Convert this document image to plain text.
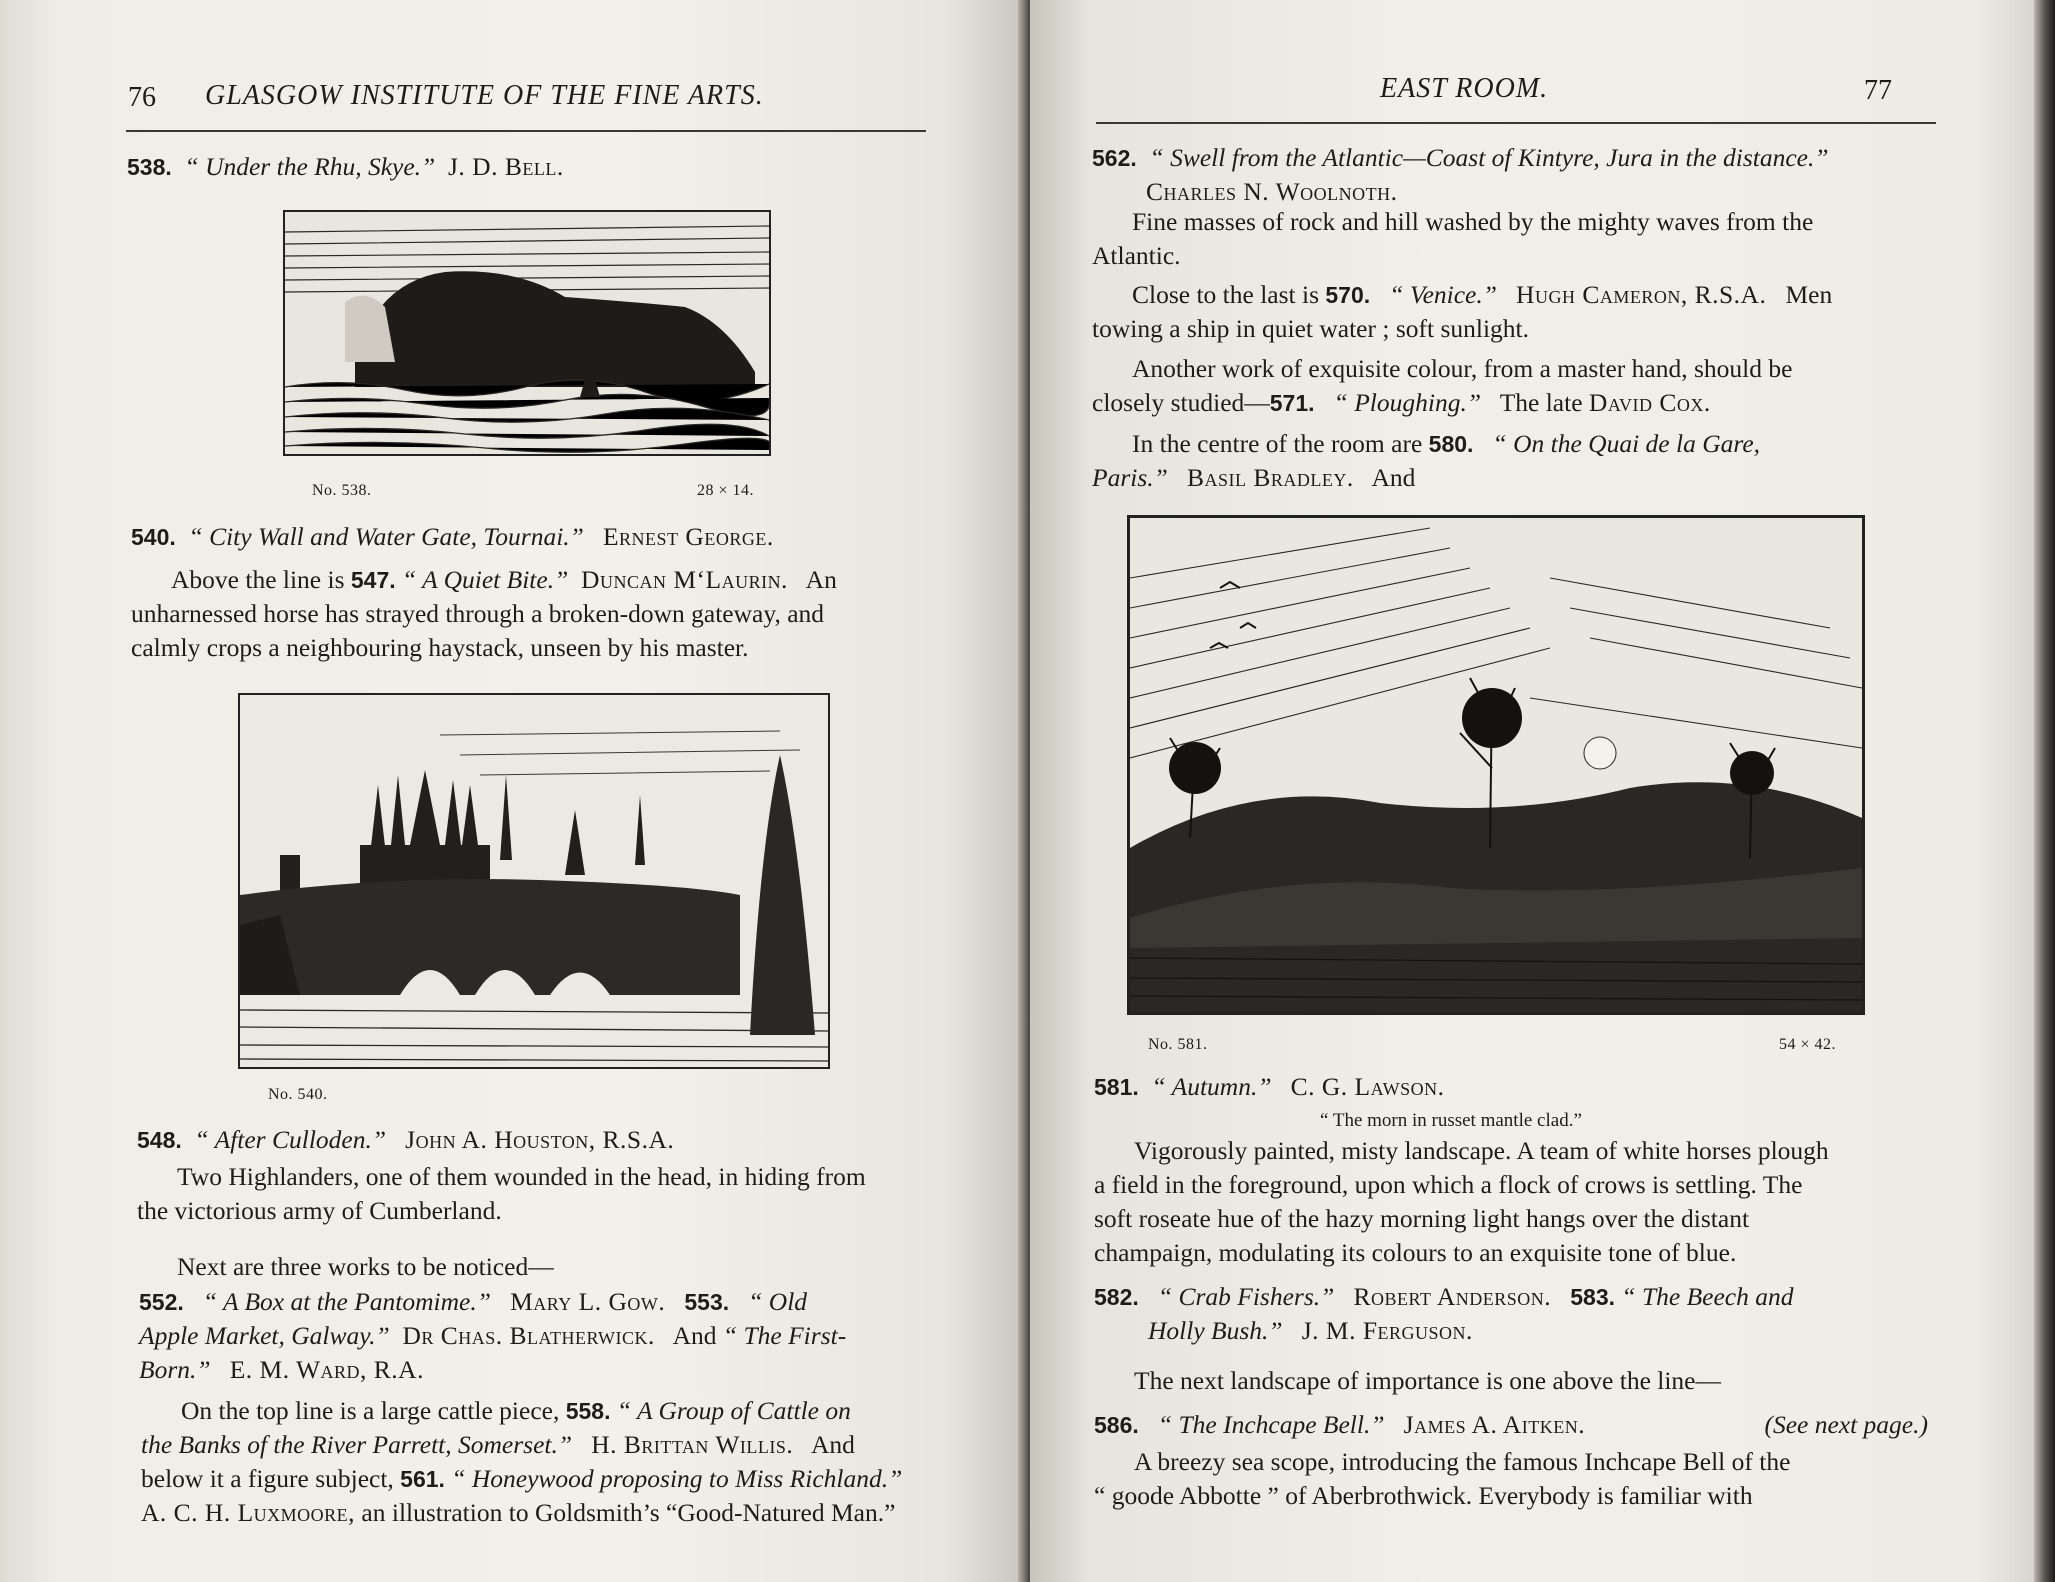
76 GLASGOW INSTITUTE OF THE FINE ARTS.

538. “ Under the Rhu, Skye.” J. D. Bell.

No. 538.	28 × 14.

540. “ City Wall and Water Gate, Tournai.” Ernest George.

Above the line is 547. “ A Quiet Bite.” Duncan M‘Laurin. An
unharnessed horse has strayed through a broken-down gateway, and
calmly crops a neighbouring haystack, unseen by his master.

No. 540.

548. “ After Culloden.” John A. Houston, R.S.A.

Two Highlanders, one of them wounded in the head, in hiding from
the victorious army of Cumberland.

Next are three works to be noticed—

552. “ A Box at the Pantomime.” Mary L. Gow. 553. “ Old
Apple Market, Galway.” Dr Chas. Blatherwick. And “ The First-
Born.” E. M. Ward, R.A.

On the top line is a large cattle piece, 558. “ A Group of Cattle on
the Banks of the River Parrett, Somerset.” H. Brittan Willis. And
below it a figure subject, 561. “ Honeywood proposing to Miss Richland.”
A. C. H. Luxmoore, an illustration to Goldsmith’s “Good-Natured Man.”

EAST ROOM.	77

562. “ Swell from the Atlantic—Coast of Kintyre, Jura in the distance.”
Charles N. Woolnoth.

Fine masses of rock and hill washed by the mighty waves from the
Atlantic.

Close to the last is 570. “ Venice.” Hugh Cameron, R.S.A. Men
towing a ship in quiet water ; soft sunlight.

Another work of exquisite colour, from a master hand, should be
closely studied—571. “ Ploughing.” The late David Cox.

In the centre of the room are 580. “ On the Quai de la Gare,
Paris.” Basil Bradley. And

No. 581.	54 × 42.

581. “ Autumn.” C. G. Lawson.

“ The morn in russet mantle clad.”

Vigorously painted, misty landscape. A team of white horses plough
a field in the foreground, upon which a flock of crows is settling. The
soft roseate hue of the hazy morning light hangs over the distant
champaign, modulating its colours to an exquisite tone of blue.

582. “ Crab Fishers.” Robert Anderson. 583. “ The Beech and
Holly Bush.” J. M. Ferguson.

The next landscape of importance is one above the line—

586. “ The Inchcape Bell.” James A. Aitken.	(See next page.)

A breezy sea scope, introducing the famous Inchcape Bell of the
“ goode Abbotte ” of Aberbrothwick. Everybody is familiar with
